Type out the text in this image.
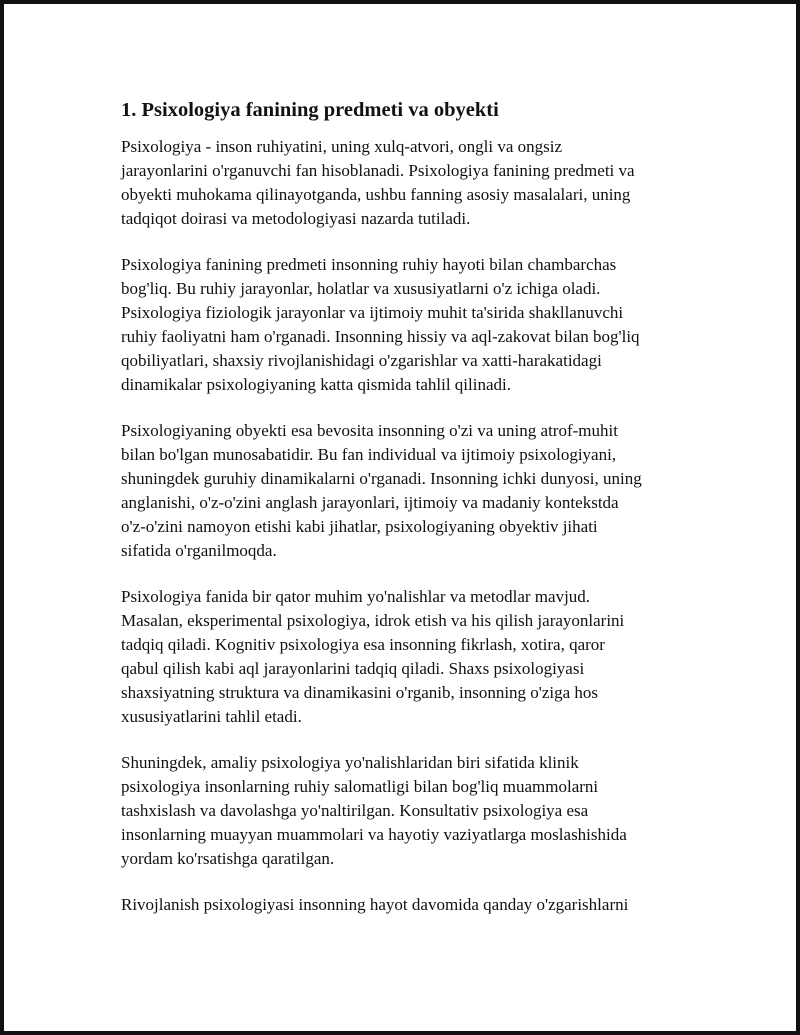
1. Psixologiya fanining predmeti va obyekti

Psixologiya - inson ruhiyatini, uning xulq-atvori, ongli va ongsiz
jarayonlarini o'rganuvchi fan hisoblanadi. Psixologiya fanining predmeti va
obyekti muhokama qilinayotganda, ushbu fanning asosiy masalalari, uning
tadqiqot doirasi va metodologiyasi nazarda tutiladi.

Psixologiya fanining predmeti insonning ruhiy hayoti bilan chambarchas
bog'liq. Bu ruhiy jarayonlar, holatlar va xususiyatlarni o'z ichiga oladi.
Psixologiya fiziologik jarayonlar va ijtimoiy muhit ta'sirida shakllanuvchi
ruhiy faoliyatni ham o'rganadi. Insonning hissiy va aql-zakovat bilan bog'liq
qobiliyatlari, shaxsiy rivojlanishidagi o'zgarishlar va xatti-harakatidagi
dinamikalar psixologiyaning katta qismida tahlil qilinadi.

Psixologiyaning obyekti esa bevosita insonning o'zi va uning atrof-muhit
bilan bo'lgan munosabatidir. Bu fan individual va ijtimoiy psixologiyani,
shuningdek guruhiy dinamikalarni o'rganadi. Insonning ichki dunyosi, uning
anglanishi, o'z-o'zini anglash jarayonlari, ijtimoiy va madaniy kontekstda
o'z-o'zini namoyon etishi kabi jihatlar, psixologiyaning obyektiv jihati
sifatida o'rganilmoqda.

Psixologiya fanida bir qator muhim yo'nalishlar va metodlar mavjud.
Masalan, eksperimental psixologiya, idrok etish va his qilish jarayonlarini
tadqiq qiladi. Kognitiv psixologiya esa insonning fikrlash, xotira, qaror
qabul qilish kabi aql jarayonlarini tadqiq qiladi. Shaxs psixologiyasi
shaxsiyatning struktura va dinamikasini o'rganib, insonning o'ziga hos
xususiyatlarini tahlil etadi.

Shuningdek, amaliy psixologiya yo'nalishlaridan biri sifatida klinik
psixologiya insonlarning ruhiy salomatligi bilan bog'liq muammolarni
tashxislash va davolashga yo'naltirilgan. Konsultativ psixologiya esa
insonlarning muayyan muammolari va hayotiy vaziyatlarga moslashishida
yordam ko'rsatishga qaratilgan.

Rivojlanish psixologiyasi insonning hayot davomida qanday o'zgarishlarni
